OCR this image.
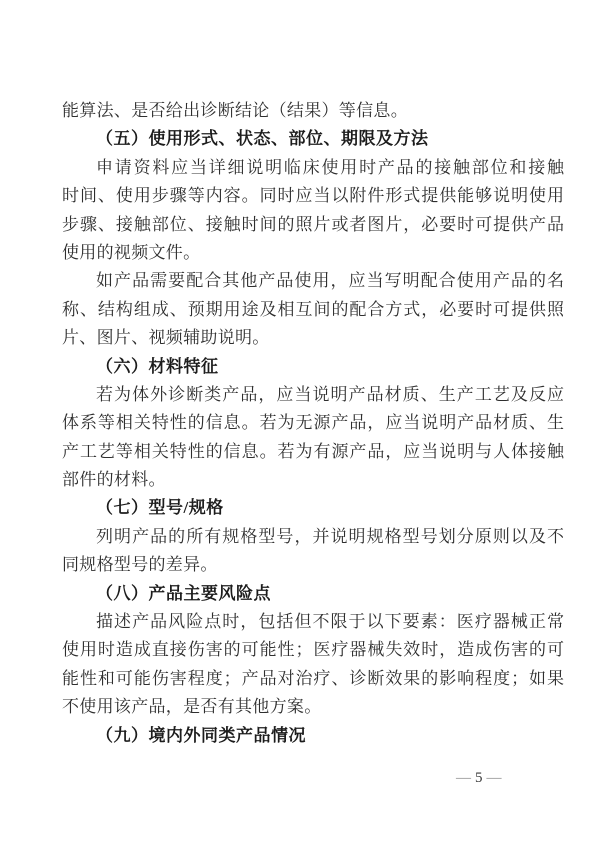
能算法、是否给出诊断结论（结果）等信息。
（五）使用形式、状态、部位、期限及方法
申请资料应当详细说明临床使用时产品的接触部位和接触
时间、使用步骤等内容。同时应当以附件形式提供能够说明使用
步骤、接触部位、接触时间的照片或者图片，必要时可提供产品
使用的视频文件。
如产品需要配合其他产品使用，应当写明配合使用产品的名
称、结构组成、预期用途及相互间的配合方式，必要时可提供照
片、图片、视频辅助说明。
（六）材料特征
若为体外诊断类产品，应当说明产品材质、生产工艺及反应
体系等相关特性的信息。若为无源产品，应当说明产品材质、生
产工艺等相关特性的信息。若为有源产品，应当说明与人体接触
部件的材料。
（七）型号/规格
列明产品的所有规格型号，并说明规格型号划分原则以及不
同规格型号的差异。
（八）产品主要风险点
描述产品风险点时，包括但不限于以下要素：医疗器械正常
使用时造成直接伤害的可能性；医疗器械失效时，造成伤害的可
能性和可能伤害程度；产品对治疗、诊断效果的影响程度；如果
不使用该产品，是否有其他方案。
（九）境内外同类产品情况
— 5 —
